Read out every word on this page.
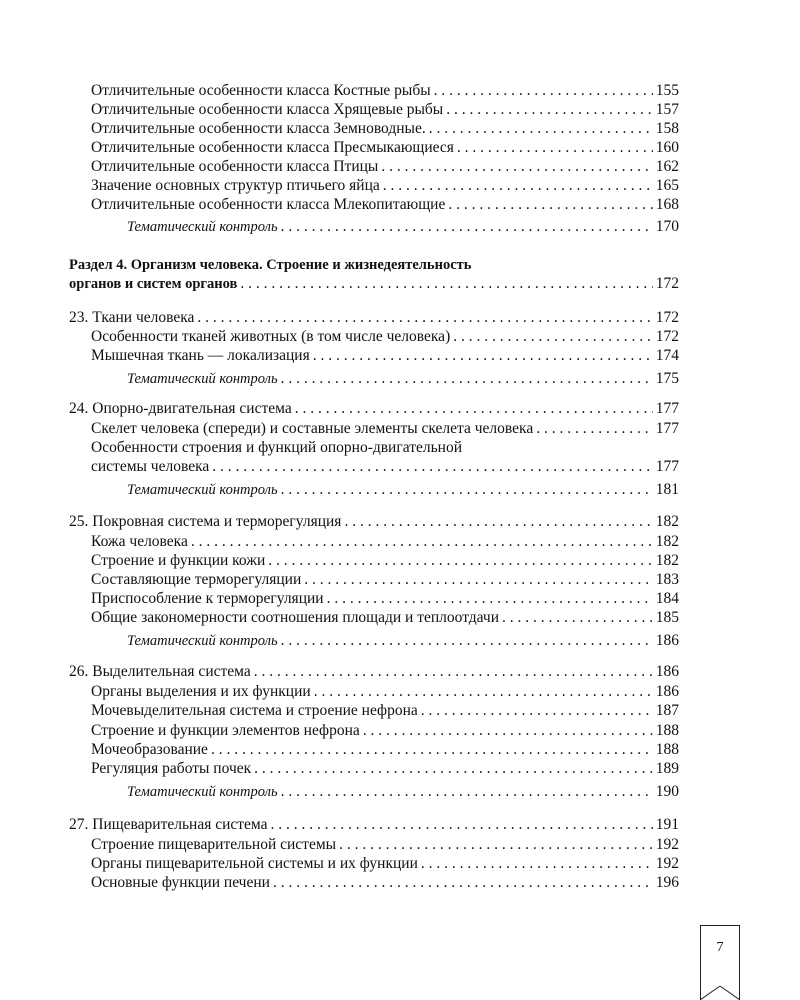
Отличительные особенности класса Костные рыбы . . .	155
Отличительные особенности класса Хрящевые рыбы . . .	157
Отличительные особенности класса Земноводные. . . .	158
Отличительные особенности класса Пресмыкающиеся . . .	160
Отличительные особенности класса Птицы . . .	162
Значение основных структур птичьего яйца . . .	165
Отличительные особенности класса Млекопитающие . . .	168
Тематический контроль . . .	170
Раздел 4. Организм человека. Строение и жизнедеятельность
органов и систем органов . . .	172
23. Ткани человека . . .	172
Особенности тканей животных (в том числе человека) . . .	172
Мышечная ткань — локализация . . .	174
Тематический контроль . . .	175
24. Опорно-двигательная система . . .	177
Скелет человека (спереди) и составные элементы скелета человека . . .	177
Особенности строения и функций опорно-двигательной
системы человека . . .	177
Тематический контроль . . .	181
25. Покровная система и терморегуляция . . .	182
Кожа человека . . .	182
Строение и функции кожи . . .	182
Составляющие терморегуляции . . .	183
Приспособление к терморегуляции . . .	184
Общие закономерности соотношения площади и теплоотдачи . . .	185
Тематический контроль . . .	186
26. Выделительная система . . .	186
Органы выделения и их функции . . .	186
Мочевыделительная система и строение нефрона . . .	187
Строение и функции элементов нефрона . . .	188
Мочеобразование . . .	188
Регуляция работы почек . . .	189
Тематический контроль . . .	190
27. Пищеварительная система . . .	191
Строение пищеварительной системы . . .	192
Органы пищеварительной системы и их функции . . .	192
Основные функции печени . . .	196
7
